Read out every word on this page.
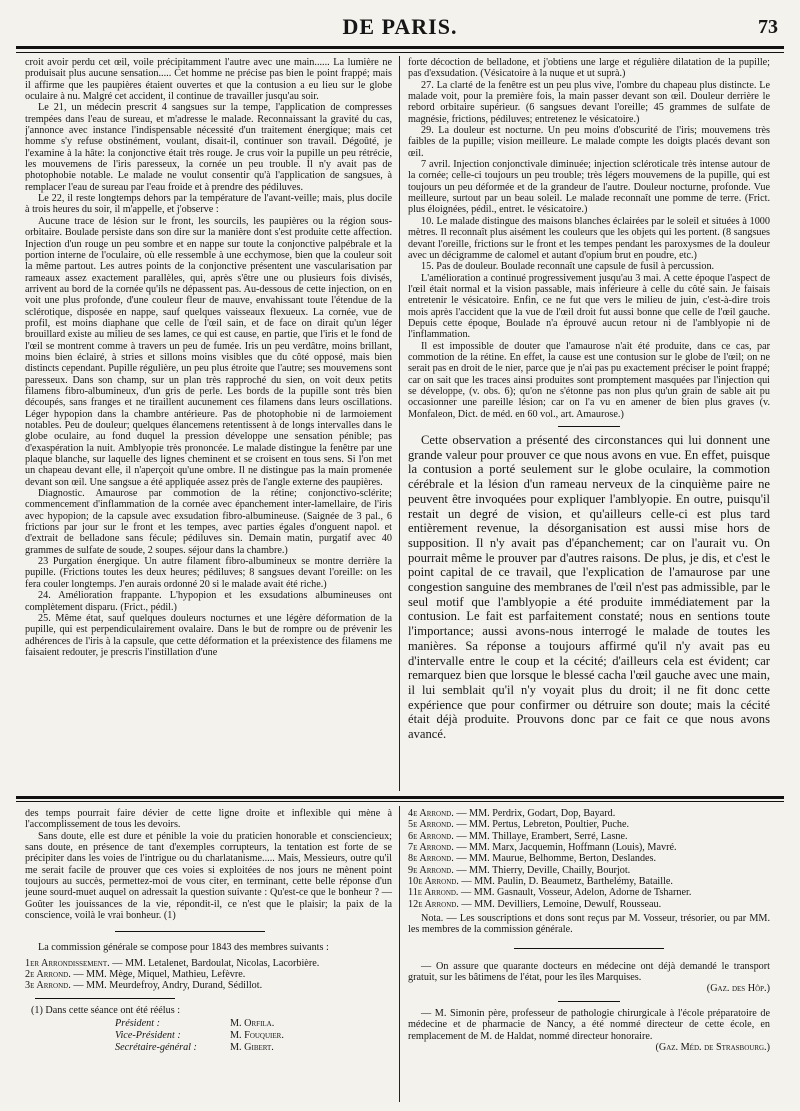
DE PARIS.	73

croit avoir perdu cet œil, voile précipitamment l'autre avec une main...... La lumière ne produisait plus aucune sensation..... Cet homme ne précise pas bien le point frappé; mais il affirme que les paupières étaient ouvertes et que la contusion a eu lieu sur le globe oculaire à nu. Malgré cet accident, il continue de travailler jusqu'au soir.

Le 21, un médecin prescrit 4 sangsues sur la tempe, l'application de compresses trempées dans l'eau de sureau, et m'adresse le malade. Reconnaissant la gravité du cas, j'annonce avec instance l'indispensable nécessité d'un traitement énergique; mais cet homme s'y refuse obstinément, voulant, disait-il, continuer son travail. Dégoûté, je l'examine à la hâte: la conjonctive était très rouge. Je crus voir la pupille un peu rétrécie, les mouvemens de l'iris paresseux, la cornée un peu trouble. Il n'y avait pas de photophobie notable. Le malade ne voulut consentir qu'à l'application de sangsues, à remplacer l'eau de sureau par l'eau froide et à prendre des pédiluves.

Le 22, il reste longtemps dehors par la température de l'avant-veille; mais, plus docile à trois heures du soir, il m'appelle, et j'observe :

Aucune trace de lésion sur le front, les sourcils, les paupières ou la région sous-orbitaire. Boulade persiste dans son dire sur la manière dont s'est produite cette affection. Injection d'un rouge un peu sombre et en nappe sur toute la conjonctive palpébrale et la portion interne de l'oculaire, où elle ressemble à une ecchymose, bien que la couleur soit la même partout. Les autres points de la conjonctive présentent une vascularisation par rameaux assez exactement parallèles, qui, après s'être une ou plusieurs fois divisés, arrivent au bord de la cornée qu'ils ne dépassent pas. Au-dessous de cette injection, on en voit une plus profonde, d'une couleur fleur de mauve, envahissant toute l'étendue de la sclérotique, disposée en nappe, sauf quelques vaisseaux flexueux. La cornée, vue de profil, est moins diaphane que celle de l'œil sain, et de face on dirait qu'un léger brouillard existe au milieu de ses lames, ce qui est cause, en partie, que l'iris et le fond de l'œil se montrent comme à travers un peu de fumée. Iris un peu verdâtre, moins brillant, moins bien éclairé, à stries et sillons moins visibles que du côté opposé, mais bien distincts cependant. Pupille régulière, un peu plus étroite que l'autre; ses mouvemens sont paresseux. Dans son champ, sur un plan très rapproché du sien, on voit deux petits filamens fibro-albumineux, d'un gris de perle. Les bords de la pupille sont très bien découpés, sans franges et ne tiraillent aucunement ces filamens dans leurs oscillations. Léger hypopion dans la chambre antérieure. Pas de photophobie ni de larmoiement notables. Peu de douleur; quelques élancemens retentissent à de longs intervalles dans le globe oculaire, au fond duquel la pression développe une sensation pénible; pas d'exaspération la nuit. Amblyopie très prononcée. Le malade distingue la fenêtre par une plaque blanche, sur laquelle des lignes cheminent et se croisent en tous sens. Si l'on met un chapeau devant elle, il n'aperçoit qu'une ombre. Il ne distingue pas la main promenée devant son œil. Une sangsue a été appliquée assez près de l'angle externe des paupières.

Diagnostic. Amaurose par commotion de la rétine; conjonctivo-sclérite; commencement d'inflammation de la cornée avec épanchement inter-lamellaire, de l'iris avec hypopion; de la capsule avec exsudation fibro-albumineuse. (Saignée de 3 pal., 6 frictions par jour sur le front et les tempes, avec parties égales d'onguent napol. et d'extrait de belladone sans fécule; pédiluves sin. Demain matin, purgatif avec 40 grammes de sulfate de soude, 2 soupes. séjour dans la chambre.)

23 Purgation énergique. Un autre filament fibro-albumineux se montre derrière la pupille. (Frictions toutes les deux heures; pédiluves; 8 sangsues devant l'oreille: on les fera couler longtemps. J'en aurais ordonné 20 si le malade avait été riche.)

24. Amélioration frappante. L'hypopion et les exsudations albumineuses ont complètement disparu. (Frict., pédil.)

25. Même état, sauf quelques douleurs nocturnes et une légère déformation de la pupille, qui est perpendiculairement ovalaire. Dans le but de rompre ou de prévenir les adhérences de l'iris à la capsule, que cette déformation et la préexistence des filamens me faisaient redouter, je prescris l'instillation d'une

forte décoction de belladone, et j'obtiens une large et régulière dilatation de la pupille; pas d'exsudation. (Vésicatoire à la nuque et ut suprà.)

27. La clarté de la fenêtre est un peu plus vive, l'ombre du chapeau plus distincte. Le malade voit, pour la première fois, la main passer devant son œil. Douleur derrière le rebord orbitaire supérieur. (6 sangsues devant l'oreille; 45 grammes de sulfate de magnésie, frictions, pédiluves; entretenez le vésicatoire.)

29. La douleur est nocturne. Un peu moins d'obscurité de l'iris; mouvemens très faibles de la pupille; vision meilleure. Le malade compte les doigts placés devant son œil.

7 avril. Injection conjonctivale diminuée; injection scléroticale très intense autour de la cornée; celle-ci toujours un peu trouble; très légers mouvemens de la pupille, qui est toujours un peu déformée et de la grandeur de l'autre. Douleur nocturne, profonde. Vue meilleure, surtout par un beau soleil. Le malade reconnaît une pomme de terre. (Frict. plus éloignées, pédil., entret. le vésicatoire.)

10. Le malade distingue des maisons blanches éclairées par le soleil et situées à 1000 mètres. Il reconnaît plus aisément les couleurs que les objets qui les portent. (8 sangsues devant l'oreille, frictions sur le front et les tempes pendant les paroxysmes de la douleur avec un décigramme de calomel et autant d'opium brut en poudre, etc.)

15. Pas de douleur. Boulade reconnaît une capsule de fusil à percussion.

L'amélioration a continué progressivement jusqu'au 3 mai. A cette époque l'aspect de l'œil était normal et la vision passable, mais inférieure à celle du côté sain. Je faisais entretenir le vésicatoire. Enfin, ce ne fut que vers le milieu de juin, c'est-à-dire trois mois après l'accident que la vue de l'œil droit fut aussi bonne que celle de l'œil gauche. Depuis cette époque, Boulade n'a éprouvé aucun retour ni de l'amblyopie ni de l'inflammation.

Il est impossible de douter que l'amaurose n'ait été produite, dans ce cas, par commotion de la rétine. En effet, la cause est une contusion sur le globe de l'œil; on ne serait pas en droit de le nier, parce que je n'ai pas pu exactement préciser le point frappé; car on sait que les traces ainsi produites sont promptement masquées par l'injection qui se développe, (v. obs. 6); qu'on ne s'étonne pas non plus qu'un grain de sable ait pu occasionner une pareille lésion; car on l'a vu en amener de bien plus graves (v. Monfaleon, Dict. de méd. en 60 vol., art. Amaurose.)

Cette observation a présenté des circonstances qui lui donnent une grande valeur pour prouver ce que nous avons en vue. En effet, puisque la contusion a porté seulement sur le globe oculaire, la commotion cérébrale et la lésion d'un rameau nerveux de la cinquième paire ne peuvent être invoquées pour expliquer l'amblyopie. En outre, puisqu'il restait un degré de vision, et qu'ailleurs celle-ci est plus tard entièrement revenue, la désorganisation est aussi mise hors de supposition. Il n'y avait pas d'épanchement; car on l'aurait vu. On pourrait même le prouver par d'autres raisons. De plus, je dis, et c'est le point capital de ce travail, que l'explication de l'amaurose par une congestion sanguine des membranes de l'œil n'est pas admissible, par le seul motif que l'amblyopie a été produite immédiatement par la contusion. Le fait est parfaitement constaté; nous en sentions toute l'importance; aussi avons-nous interrogé le malade de toutes les manières. Sa réponse a toujours affirmé qu'il n'y avait pas eu d'intervalle entre le coup et la cécité; d'ailleurs cela est évident; car remarquez bien que lorsque le blessé cacha l'œil gauche avec une main, il lui semblait qu'il n'y voyait plus du droit; il ne fit donc cette expérience que pour confirmer ou détruire son doute; mais la cécité était déjà produite. Prouvons donc par ce fait ce que nous avons avancé.

des temps pourrait faire dévier de cette ligne droite et inflexible qui mène à l'accomplissement de tous les devoirs.

Sans doute, elle est dure et pénible la voie du praticien honorable et consciencieux; sans doute, en présence de tant d'exemples corrupteurs, la tentation est forte de se précipiter dans les voies de l'intrigue ou du charlatanisme..... Mais, Messieurs, outre qu'il me serait facile de prouver que ces voies si exploitées de nos jours ne mènent point toujours au succès, permettez-moi de vous citer, en terminant, cette belle réponse d'un jeune sourd-muet auquel on adressait la question suivante : Qu'est-ce que le bonheur ? — Goûter les jouissances de la vie, répondit-il, ce n'est que le plaisir; la paix de la conscience, voilà le vrai bonheur. (1)

La commission générale se compose pour 1843 des membres suivants :

1er Arrondissement. — MM. Letalenet, Bardoulat, Nicolas, Lacorbière.

2e Arrond. — MM. Mège, Miquel, Mathieu, Lefèvre.

3e Arrond. — MM. Meurdefroy, Andry, Durand, Sédillot.

(1) Dans cette séance ont été réélus :

Président :	M. Orfila.
Vice-Président :	M. Fouquier.
Secrétaire-général :	M. Gibert.

4e Arrond. — MM. Perdrix, Godart, Dop, Bayard.

5e Arrond. — MM. Pertus, Lebreton, Poultier, Puche.

6e Arrond. — MM. Thillaye, Erambert, Serré, Lasne.

7e Arrond. — MM. Marx, Jacquemin, Hoffmann (Louis), Mavré.

8e Arrond. — MM. Maurue, Belhomme, Berton, Deslandes.

9e Arrond. — MM. Thierry, Deville, Chailly, Bourjot.

10e Arrond. — MM. Paulin, D. Beaumetz, Barthelémy, Bataille.

11e Arrond. — MM. Gasnault, Vosseur, Adelon, Adorne de Tsharner.

12e Arrond. — MM. Devilliers, Lemoine, Dewulf, Rousseau.

Nota. — Les souscriptions et dons sont reçus par M. Vosseur, trésorier, ou par MM. les membres de la commission générale.

— On assure que quarante docteurs en médecine ont déjà demandé le transport gratuit, sur les bâtimens de l'état, pour les îles Marquises.

(Gaz. des Hôp.)

— M. Simonin père, professeur de pathologie chirurgicale à l'école préparatoire de médecine et de pharmacie de Nancy, a été nommé directeur de cette école, en remplacement de M. de Haldat, nommé directeur honoraire.

(Gaz. Méd. de Strasbourg.)
